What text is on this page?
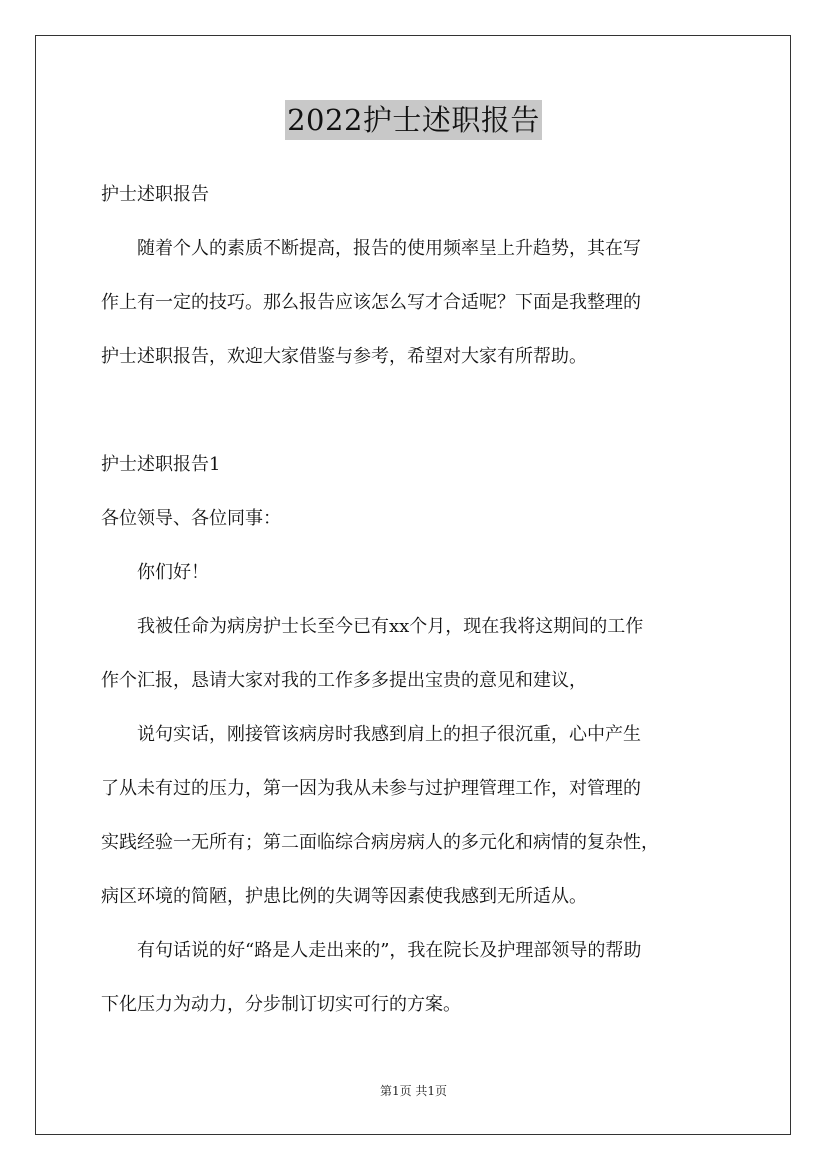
2022护士述职报告

护士述职报告

随着个人的素质不断提高，报告的使用频率呈上升趋势，其在写

作上有一定的技巧。那么报告应该怎么写才合适呢？下面是我整理的
护士述职报告，欢迎大家借鉴与参考，希望对大家有所帮助。

护士述职报告1

各位领导、各位同事：

你们好！

我被任命为病房护士长至今已有xx个月，现在我将这期间的工作

作个汇报，恳请大家对我的工作多多提出宝贵的意见和建议，

说句实话，刚接管该病房时我感到肩上的担子很沉重，心中产生

了从未有过的压力，第一因为我从未参与过护理管理工作，对管理的
实践经验一无所有；第二面临综合病房病人的多元化和病情的复杂性，
病区环境的简陋，护患比例的失调等因素使我感到无所适从。

有句话说的好“路是人走出来的”，我在院长及护理部领导的帮助

下化压力为动力，分步制订切实可行的方案。

第1页 共1页
